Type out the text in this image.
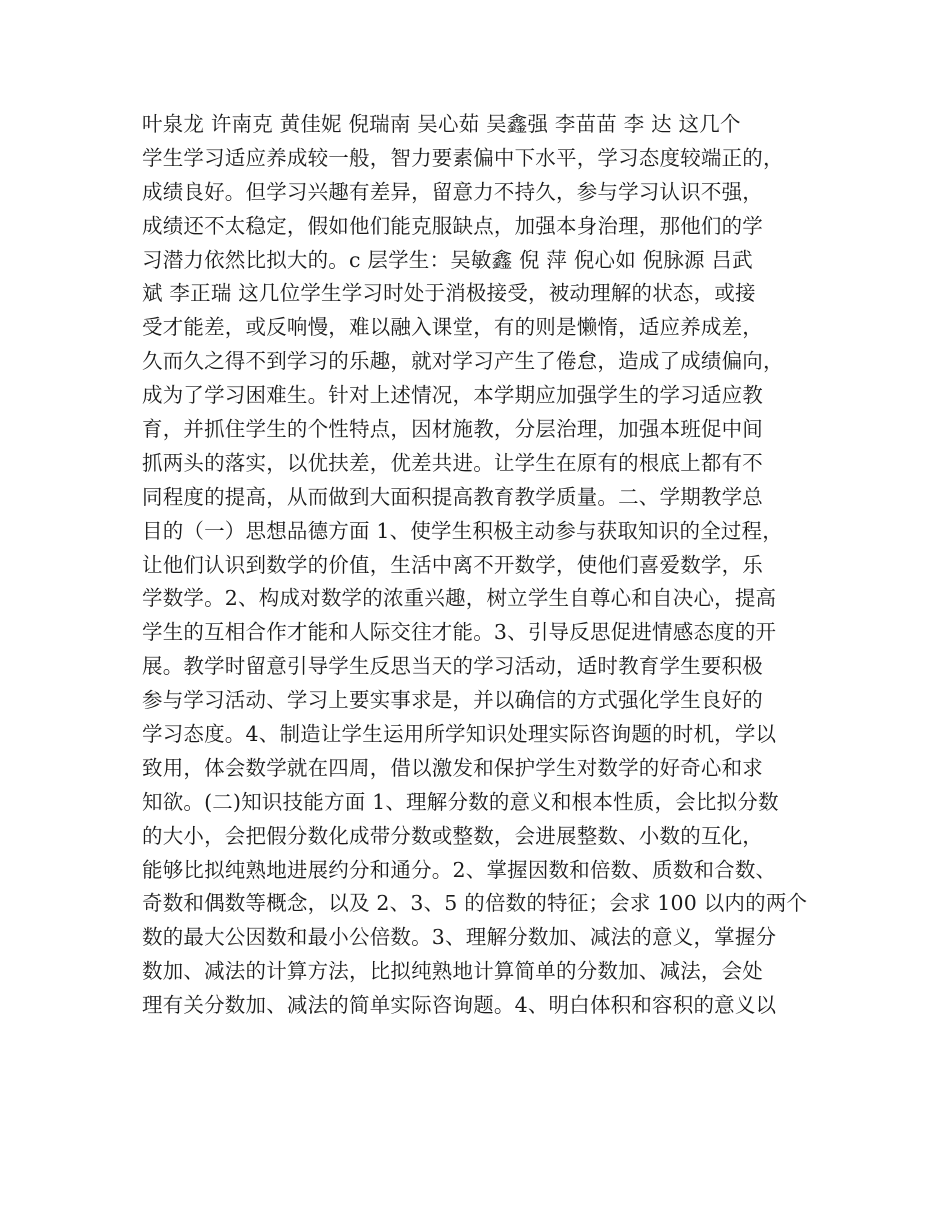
叶泉龙 许南克 黄佳妮 倪瑞南 吴心茹 吴鑫强 李苗苗 李 达 这几个
学生学习适应养成较一般，智力要素偏中下水平，学习态度较端正的，
成绩良好。但学习兴趣有差异，留意力不持久，参与学习认识不强，
成绩还不太稳定，假如他们能克服缺点，加强本身治理，那他们的学
习潜力依然比拟大的。c 层学生：吴敏鑫 倪 萍 倪心如 倪脉源 吕武
斌 李正瑞 这几位学生学习时处于消极接受，被动理解的状态，或接
受才能差，或反响慢，难以融入课堂，有的则是懒惰，适应养成差，
久而久之得不到学习的乐趣，就对学习产生了倦怠，造成了成绩偏向，
成为了学习困难生。针对上述情况，本学期应加强学生的学习适应教
育，并抓住学生的个性特点，因材施教，分层治理，加强本班促中间
抓两头的落实，以优扶差，优差共进。让学生在原有的根底上都有不
同程度的提高，从而做到大面积提高教育教学质量。二、学期教学总
目的（一）思想品德方面 1、使学生积极主动参与获取知识的全过程，
让他们认识到数学的价值，生活中离不开数学，使他们喜爱数学，乐
学数学。2、构成对数学的浓重兴趣，树立学生自尊心和自决心，提高
学生的互相合作才能和人际交往才能。3、引导反思促进情感态度的开
展。教学时留意引导学生反思当天的学习活动，适时教育学生要积极
参与学习活动、学习上要实事求是，并以确信的方式强化学生良好的
学习态度。4、制造让学生运用所学知识处理实际咨询题的时机，学以
致用，体会数学就在四周，借以激发和保护学生对数学的好奇心和求
知欲。(二)知识技能方面 1、理解分数的意义和根本性质，会比拟分数
的大小，会把假分数化成带分数或整数，会进展整数、小数的互化，
能够比拟纯熟地进展约分和通分。2、掌握因数和倍数、质数和合数、
奇数和偶数等概念，以及 2、3、5 的倍数的特征；会求 100 以内的两个
数的最大公因数和最小公倍数。3、理解分数加、减法的意义，掌握分
数加、减法的计算方法，比拟纯熟地计算简单的分数加、减法，会处
理有关分数加、减法的简单实际咨询题。4、明白体积和容积的意义以
